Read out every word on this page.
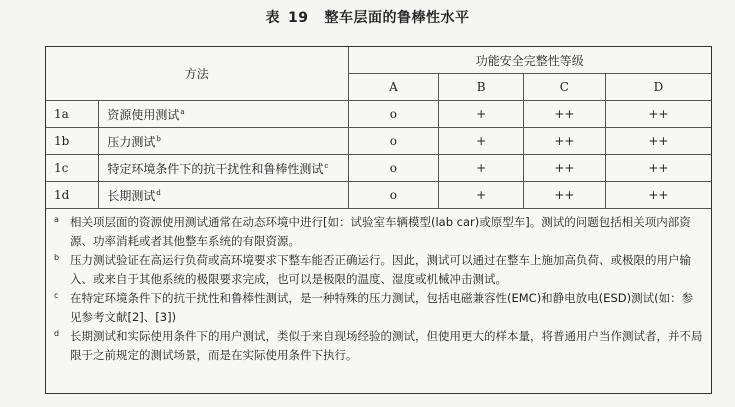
表 19 整车层面的鲁棒性水平
方法		功能安全完整性等级			
		A	B	C	D
1a	资源使用测试$^a$	o	+	++	++
1b	压力测试$^b$	o	+	++	++
1c	特定环境条件下的抗干扰性和鲁棒性测试$^c$	o	+	++	++
1d	长期测试$^d$	o	+	++	++
a 相关项层面的资源使用测试通常在动态环境中进行[如：试验室车辆模型(lab car)或原型车]。测试的问题包括相关项内部资源、功率消耗或者其他整车系统的有限资源。
b 压力测试验证在高运行负荷或高环境要求下整车能否正确运行。因此，测试可以通过在整车上施加高负荷、或极限的用户输入、或来自于其他系统的极限要求完成，也可以是极限的温度、湿度或机械冲击测试。
c 在特定环境条件下的抗干扰性和鲁棒性测试，是一种特殊的压力测试，包括电磁兼容性(EMC)和静电放电(ESD)测试(如：参见参考文献[2]、[3])
d 长期测试和实际使用条件下的用户测试，类似于来自现场经验的测试，但使用更大的样本量，将普通用户当作测试者，并不局限于之前规定的测试场景，而是在实际使用条件下执行。
